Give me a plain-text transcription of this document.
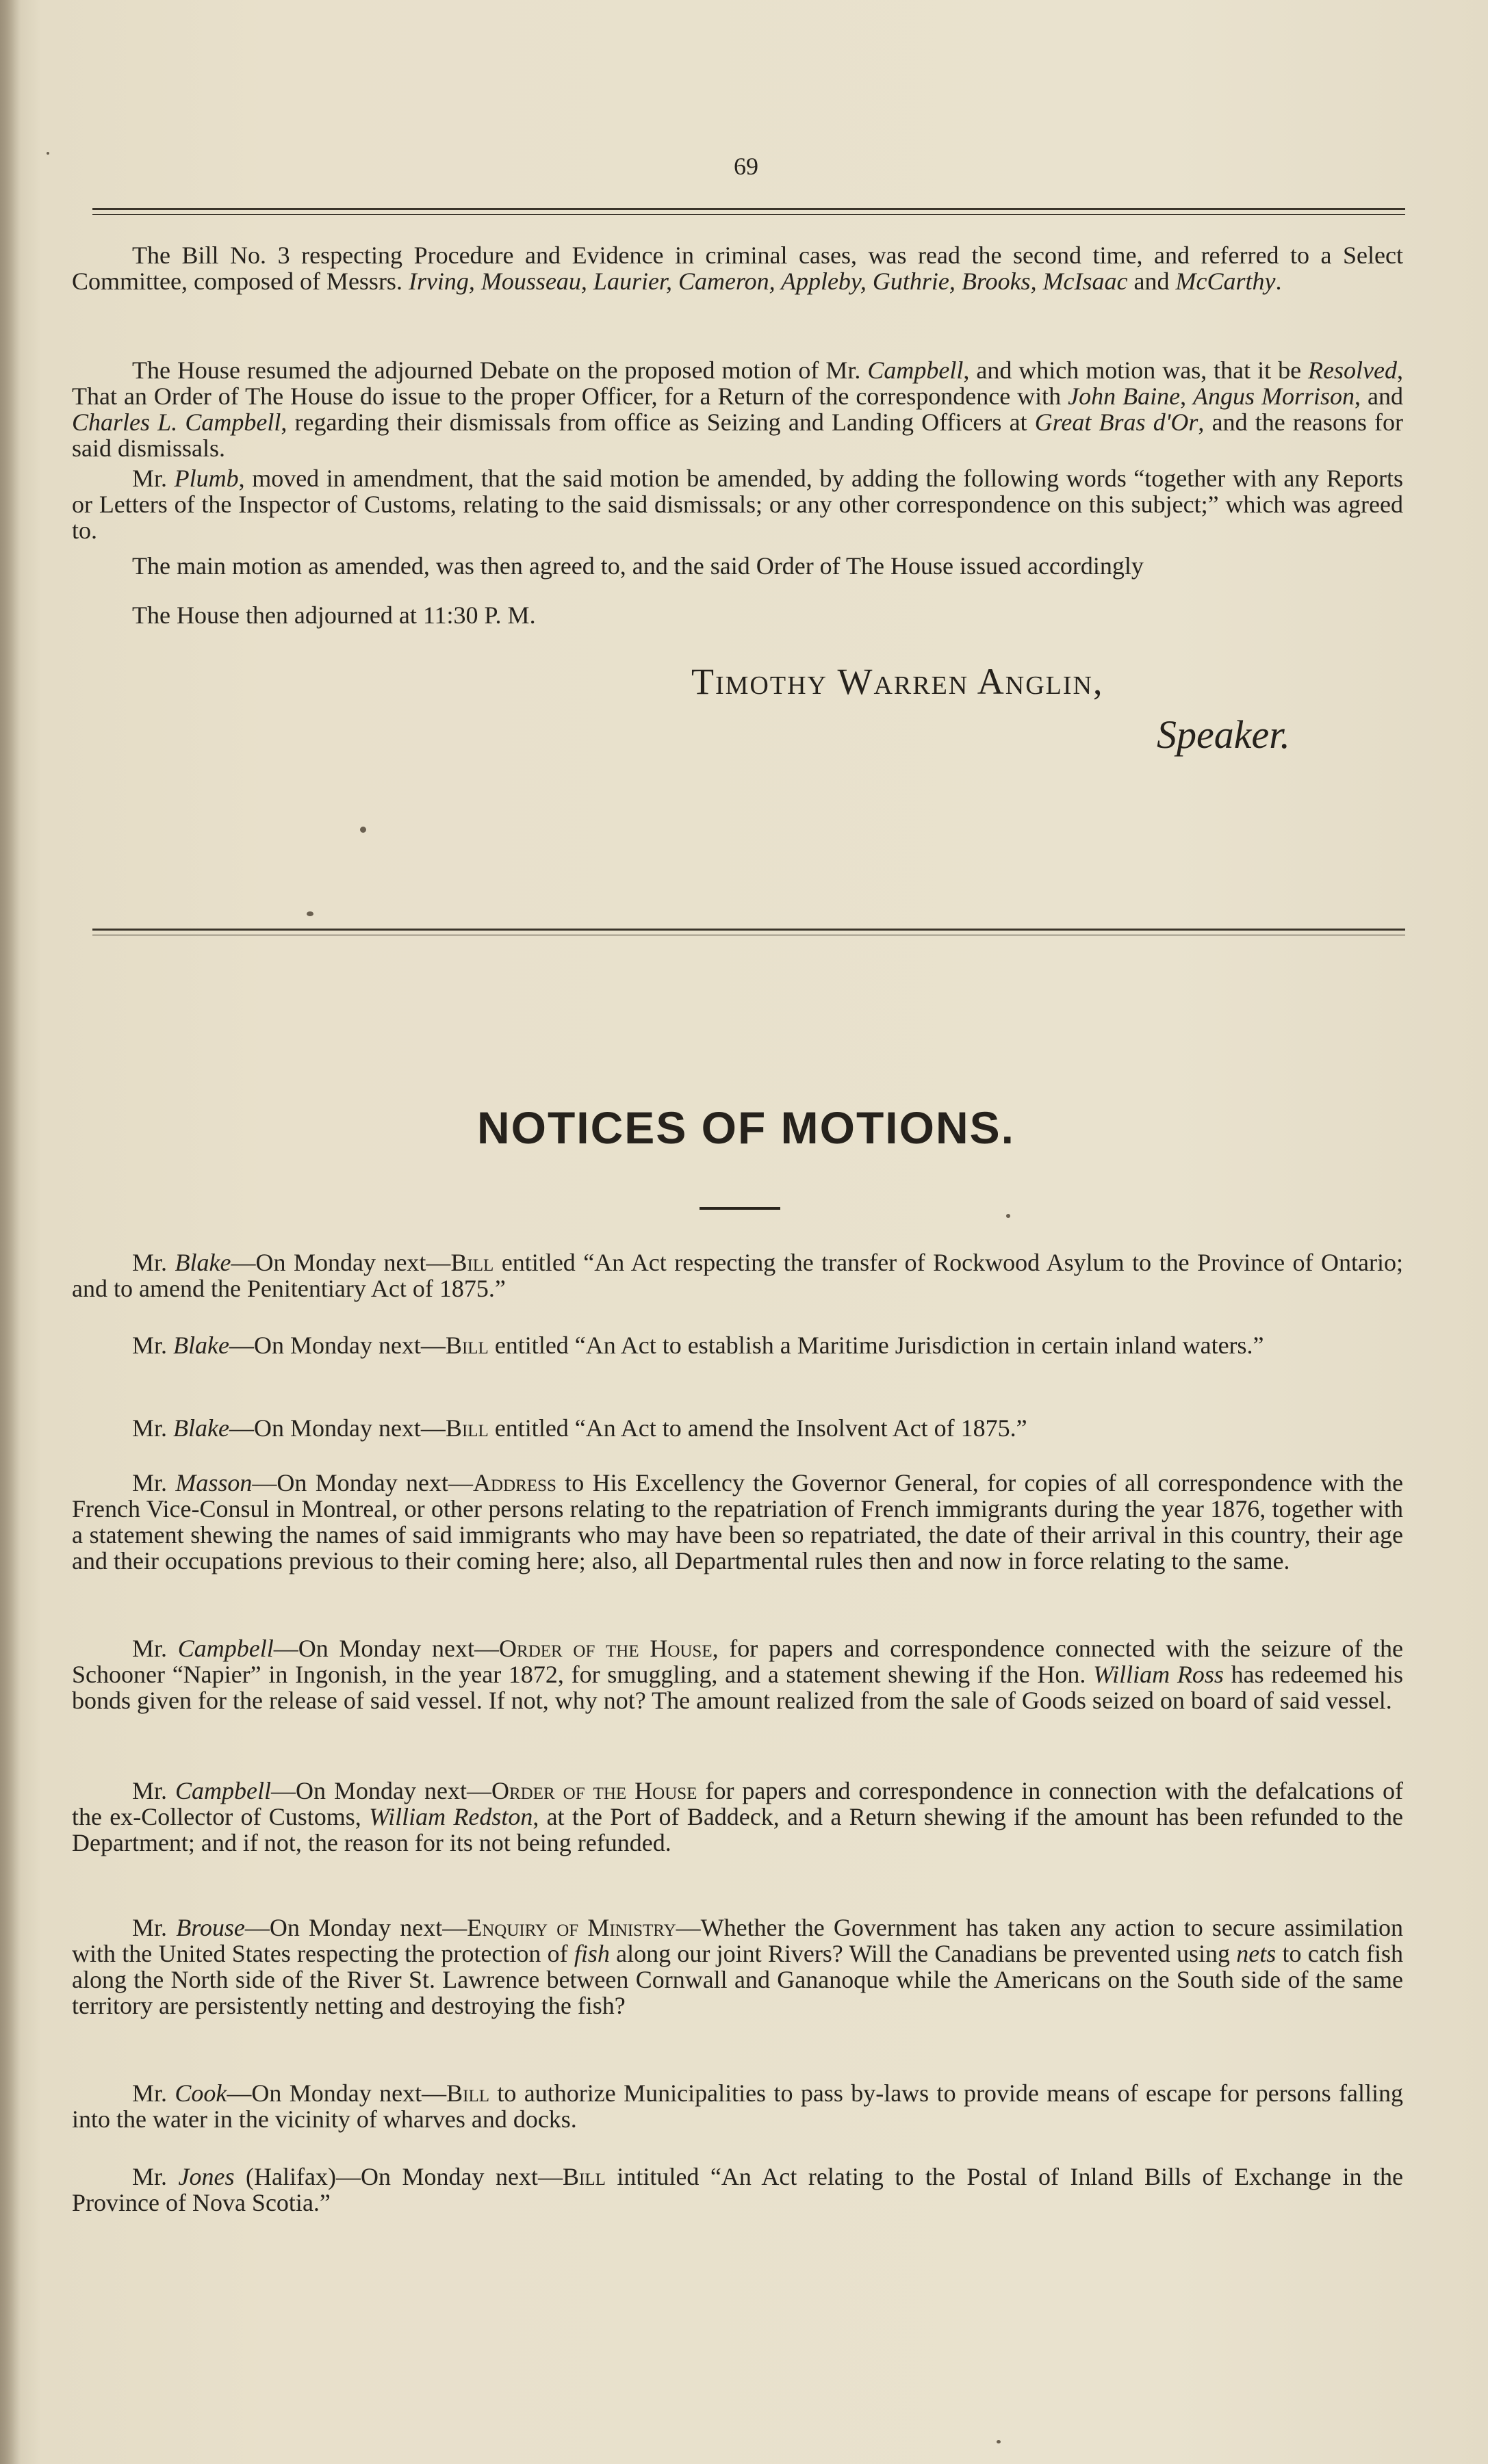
69

The Bill No. 3 respecting Procedure and Evidence in criminal cases, was read the second time, and referred to a Select Committee, composed of Messrs. Irving, Mousseau, Laurier, Cameron, Appleby, Guthrie, Brooks, McIsaac and McCarthy.

The House resumed the adjourned Debate on the proposed motion of Mr. Campbell, and which motion was, that it be Resolved, That an Order of The House do issue to the proper Officer, for a Return of the correspondence with John Baine, Angus Morrison, and Charles L. Campbell, regarding their dismissals from office as Seizing and Landing Officers at Great Bras d'Or, and the reasons for said dismissals.

Mr. Plumb, moved in amendment, that the said motion be amended, by adding the following words “together with any Reports or Letters of the Inspector of Customs, relating to the said dismissals; or any other correspondence on this subject;” which was agreed to.

The main motion as amended, was then agreed to, and the said Order of The House issued accordingly

The House then adjourned at 11:30 P. M.

Timothy Warren Anglin,
Speaker.
NOTICES OF MOTIONS.

Mr. Blake—On Monday next—Bill entitled “An Act respecting the transfer of Rockwood Asylum to the Province of Ontario; and to amend the Penitentiary Act of 1875.”

Mr. Blake—On Monday next—Bill entitled “An Act to establish a Maritime Jurisdiction in certain inland waters.”

Mr. Blake—On Monday next—Bill entitled “An Act to amend the Insolvent Act of 1875.”

Mr. Masson—On Monday next—Address to His Excellency the Governor General, for copies of all correspondence with the French Vice-Consul in Montreal, or other persons relating to the repatriation of French immigrants during the year 1876, together with a statement shewing the names of said immigrants who may have been so repatriated, the date of their arrival in this country, their age and their occupations previous to their coming here; also, all Departmental rules then and now in force relating to the same.

Mr. Campbell—On Monday next—Order of the House, for papers and correspondence connected with the seizure of the Schooner “Napier” in Ingonish, in the year 1872, for smuggling, and a statement shewing if the Hon. William Ross has redeemed his bonds given for the release of said vessel. If not, why not? The amount realized from the sale of Goods seized on board of said vessel.

Mr. Campbell—On Monday next—Order of the House for papers and correspondence in connection with the defalcations of the ex-Collector of Customs, William Redston, at the Port of Baddeck, and a Return shewing if the amount has been refunded to the Department; and if not, the reason for its not being refunded.

Mr. Brouse—On Monday next—Enquiry of Ministry—Whether the Government has taken any action to secure assimilation with the United States respecting the protection of fish along our joint Rivers? Will the Canadians be prevented using nets to catch fish along the North side of the River St. Lawrence between Cornwall and Gananoque while the Americans on the South side of the same territory are persistently netting and destroying the fish?

Mr. Cook—On Monday next—Bill to authorize Municipalities to pass by-laws to provide means of escape for persons falling into the water in the vicinity of wharves and docks.

Mr. Jones (Halifax)—On Monday next—Bill intituled “An Act relating to the Postal of Inland Bills of Exchange in the Province of Nova Scotia.”
